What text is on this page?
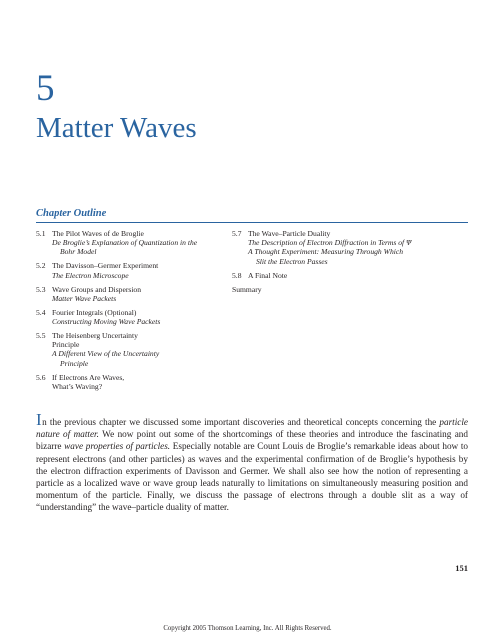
5
Matter Waves
Chapter Outline
5.1 The Pilot Waves of de Broglie
De Broglie’s Explanation of Quantization in the Bohr Model
5.2 The Davisson–Germer Experiment
The Electron Microscope
5.3 Wave Groups and Dispersion
Matter Wave Packets
5.4 Fourier Integrals (Optional)
Constructing Moving Wave Packets
5.5 The Heisenberg Uncertainty Principle
A Different View of the Uncertainty Principle
5.6 If Electrons Are Waves, What’s Waving?
5.7 The Wave–Particle Duality
The Description of Electron Diffraction in Terms of Ψ
A Thought Experiment: Measuring Through Which Slit the Electron Passes
5.8 A Final Note
Summary
In the previous chapter we discussed some important discoveries and theoretical concepts concerning the particle nature of matter. We now point out some of the shortcomings of these theories and introduce the fascinating and bizarre wave properties of particles. Especially notable are Count Louis de Broglie’s remarkable ideas about how to represent electrons (and other particles) as waves and the experimental confirmation of de Broglie’s hypothesis by the electron diffraction experiments of Davisson and Germer. We shall also see how the notion of representing a particle as a localized wave or wave group leads naturally to limitations on simultaneously measuring position and momentum of the particle. Finally, we discuss the passage of electrons through a double slit as a way of “understanding” the wave–particle duality of matter.
151
Copyright 2005 Thomson Learning, Inc. All Rights Reserved.
